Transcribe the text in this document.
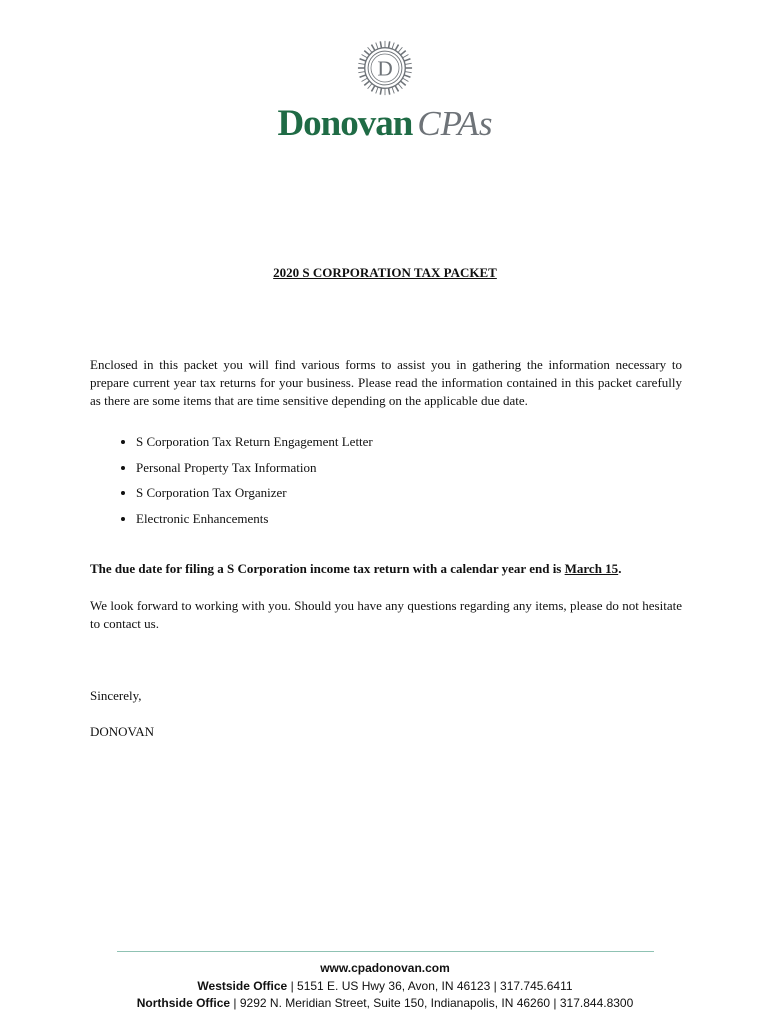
D
Donovan CPAs
2020 S CORPORATION TAX PACKET

Enclosed in this packet you will find various forms to assist you in gathering the information necessary to prepare current year tax returns for your business. Please read the information contained in this packet carefully as there are some items that are time sensitive depending on the applicable due date.

• S Corporation Tax Return Engagement Letter
• Personal Property Tax Information
• S Corporation Tax Organizer
• Electronic Enhancements

The due date for filing a S Corporation income tax return with a calendar year end is March 15.

We look forward to working with you. Should you have any questions regarding any items, please do not hesitate to contact us.

Sincerely,

DONOVAN

www.cpadonovan.com
Westside Office | 5151 E. US Hwy 36, Avon, IN 46123 | 317.745.6411
Northside Office | 9292 N. Meridian Street, Suite 150, Indianapolis, IN 46260 | 317.844.8300
